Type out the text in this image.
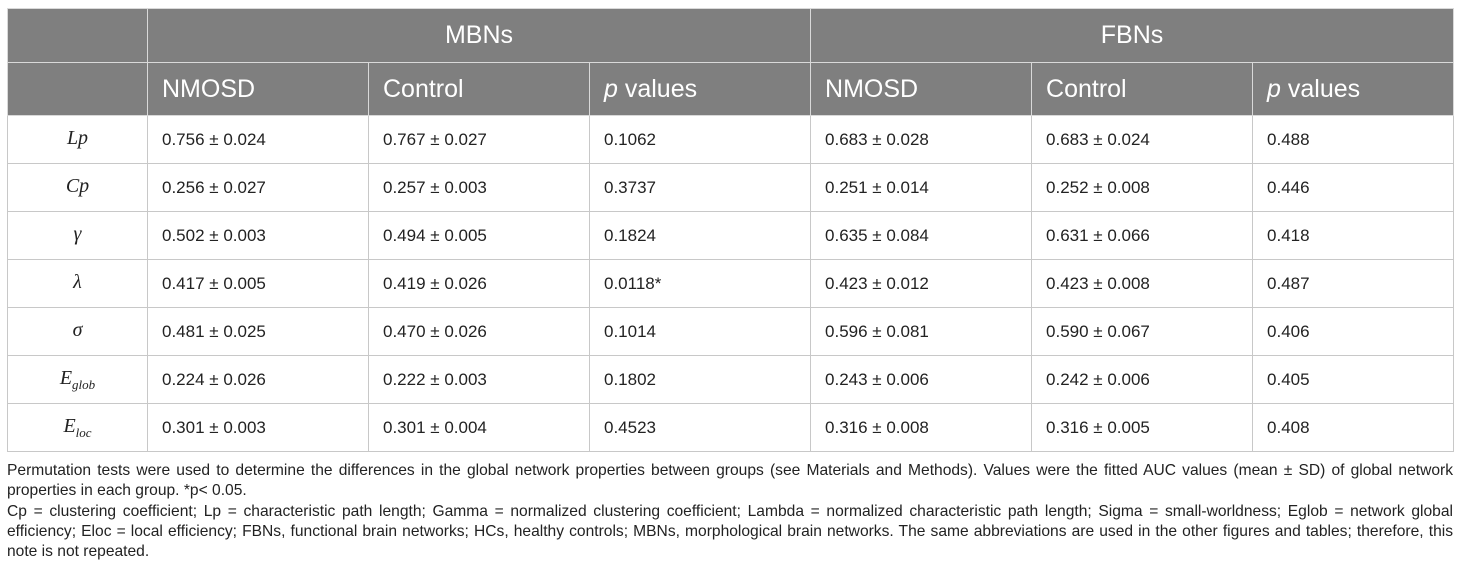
	MBNs			FBNs		
	NMOSD	Control	p values	NMOSD	Control	p values
Lp	0.756 ± 0.024	0.767 ± 0.027	0.1062	0.683 ± 0.028	0.683 ± 0.024	0.488
Cp	0.256 ± 0.027	0.257 ± 0.003	0.3737	0.251 ± 0.014	0.252 ± 0.008	0.446
γ	0.502 ± 0.003	0.494 ± 0.005	0.1824	0.635 ± 0.084	0.631 ± 0.066	0.418
λ	0.417 ± 0.005	0.419 ± 0.026	0.0118*	0.423 ± 0.012	0.423 ± 0.008	0.487
σ	0.481 ± 0.025	0.470 ± 0.026	0.1014	0.596 ± 0.081	0.590 ± 0.067	0.406
$E_{glob}$	0.224 ± 0.026	0.222 ± 0.003	0.1802	0.243 ± 0.006	0.242 ± 0.006	0.405
$E_{loc}$	0.301 ± 0.003	0.301 ± 0.004	0.4523	0.316 ± 0.008	0.316 ± 0.005	0.408

Permutation tests were used to determine the differences in the global network properties between groups (see Materials and Methods). Values were the fitted AUC values (mean ± SD) of global network properties in each group. *p< 0.05.

Cp = clustering coefficient; Lp = characteristic path length; Gamma = normalized clustering coefficient; Lambda = normalized characteristic path length; Sigma = small-worldness; Eglob = network global efficiency; Eloc = local efficiency; FBNs, functional brain networks; HCs, healthy controls; MBNs, morphological brain networks. The same abbreviations are used in the other figures and tables; therefore, this note is not repeated.
